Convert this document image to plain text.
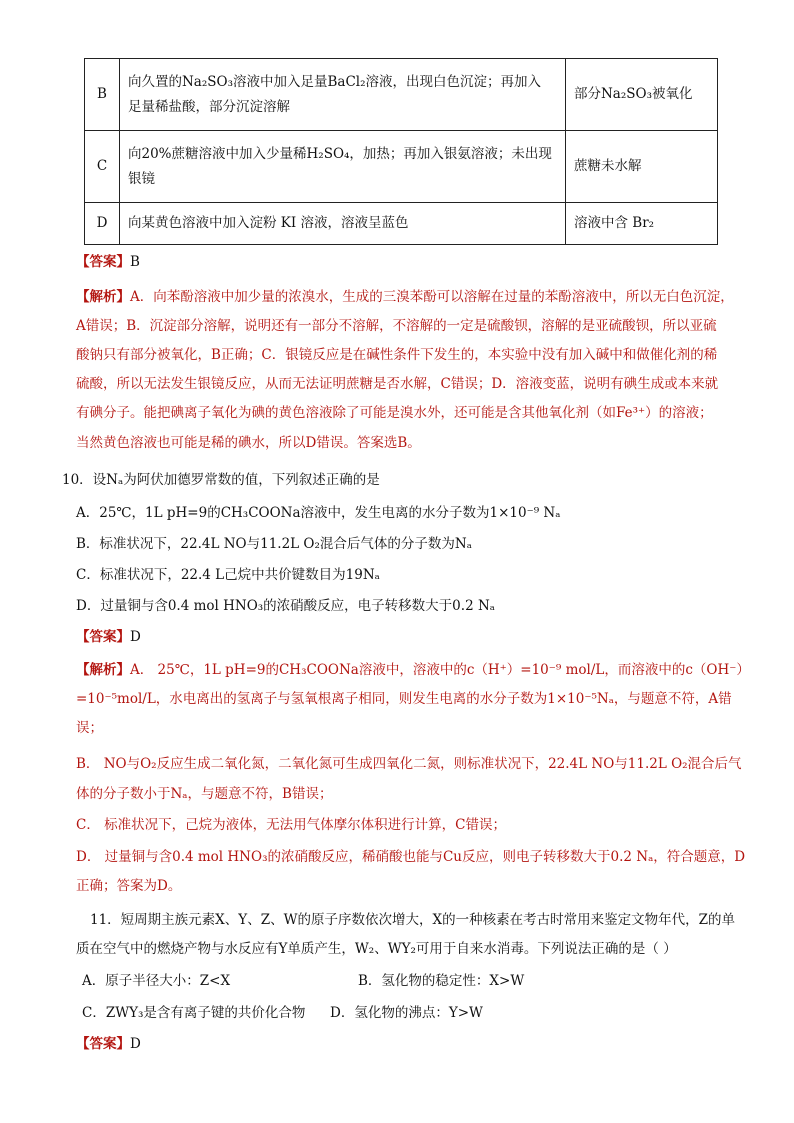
B	向久置的Na₂SO₃溶液中加入足量BaCl₂溶液，出现白色沉淀；再加入
足量稀盐酸，部分沉淀溶解	部分Na₂SO₃被氧化
C	向20%蔗糖溶液中加入少量稀H₂SO₄，加热；再加入银氨溶液；未出现
银镜	蔗糖未水解
D	向某黄色溶液中加入淀粉 KI 溶液，溶液呈蓝色	溶液中含 Br₂
【答案】B
【解析】A．向苯酚溶液中加少量的浓溴水，生成的三溴苯酚可以溶解在过量的苯酚溶液中，所以无白色沉淀，
A错误；B．沉淀部分溶解，说明还有一部分不溶解，不溶解的一定是硫酸钡，溶解的是亚硫酸钡，所以亚硫
酸钠只有部分被氧化，B正确；C．银镜反应是在碱性条件下发生的，本实验中没有加入碱中和做催化剂的稀
硫酸，所以无法发生银镜反应，从而无法证明蔗糖是否水解，C错误；D．溶液变蓝，说明有碘生成或本来就
有碘分子。能把碘离子氧化为碘的黄色溶液除了可能是溴水外，还可能是含其他氧化剂（如Fe³⁺）的溶液；
当然黄色溶液也可能是稀的碘水，所以D错误。答案选B。
10．设Nₐ为阿伏加德罗常数的值，下列叙述正确的是
A．25℃，1L pH=9的CH₃COONa溶液中，发生电离的水分子数为1×10⁻⁹ Nₐ
B．标准状况下，22.4L NO与11.2L O₂混合后气体的分子数为Nₐ
C．标准状况下，22.4 L己烷中共价键数目为19Nₐ
D．过量铜与含0.4 mol HNO₃的浓硝酸反应，电子转移数大于0.2 Nₐ
【答案】D
【解析】A． 25℃，1L pH=9的CH₃COONa溶液中，溶液中的c（H⁺）=10⁻⁹ mol/L，而溶液中的c（OH⁻）
=10⁻⁵mol/L，水电离出的氢离子与氢氧根离子相同，则发生电离的水分子数为1×10⁻⁵Nₐ，与题意不符，A错
误；
B． NO与O₂反应生成二氧化氮，二氧化氮可生成四氧化二氮，则标准状况下，22.4L NO与11.2L O₂混合后气
体的分子数小于Nₐ，与题意不符，B错误；
C． 标准状况下，己烷为液体，无法用气体摩尔体积进行计算，C错误；
D． 过量铜与含0.4 mol HNO₃的浓硝酸反应，稀硝酸也能与Cu反应，则电子转移数大于0.2 Nₐ，符合题意，D
正确；答案为D。
11．短周期主族元素X、Y、Z、W的原子序数依次增大，X的一种核素在考古时常用来鉴定文物年代，Z的单
质在空气中的燃烧产物与水反应有Y单质产生，W₂、WY₂可用于自来水消毒。下列说法正确的是（ ）
A．原子半径大小：Z<X	B．氢化物的稳定性：X>W
C．ZWY₃是含有离子键的共价化合物 D．氢化物的沸点：Y>W
【答案】D
